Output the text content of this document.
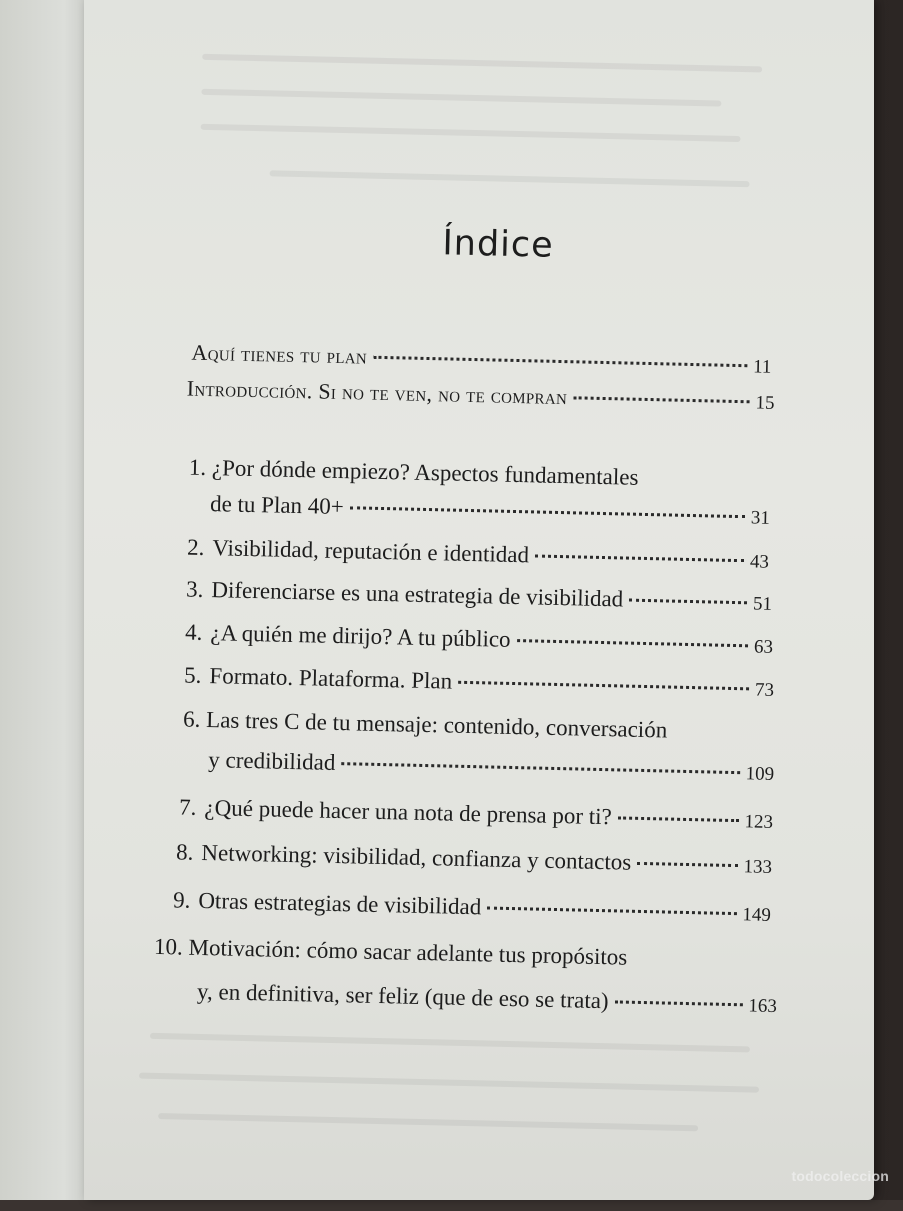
Índice
Aquí tienes tu plan	11
Introducción. Si no te ven, no te compran	15
1. ¿Por dónde empiezo? Aspectos fundamentales
de tu Plan 40+	31
2. Visibilidad, reputación e identidad	43
3. Diferenciarse es una estrategia de visibilidad	51
4. ¿A quién me dirijo? A tu público	63
5. Formato. Plataforma. Plan	73
6. Las tres C de tu mensaje: contenido, conversación
y credibilidad	109
7. ¿Qué puede hacer una nota de prensa por ti?	123
8. Networking: visibilidad, confianza y contactos	133
9. Otras estrategias de visibilidad	149
10. Motivación: cómo sacar adelante tus propósitos
y, en definitiva, ser feliz (que de eso se trata)	163
todocoleccion
